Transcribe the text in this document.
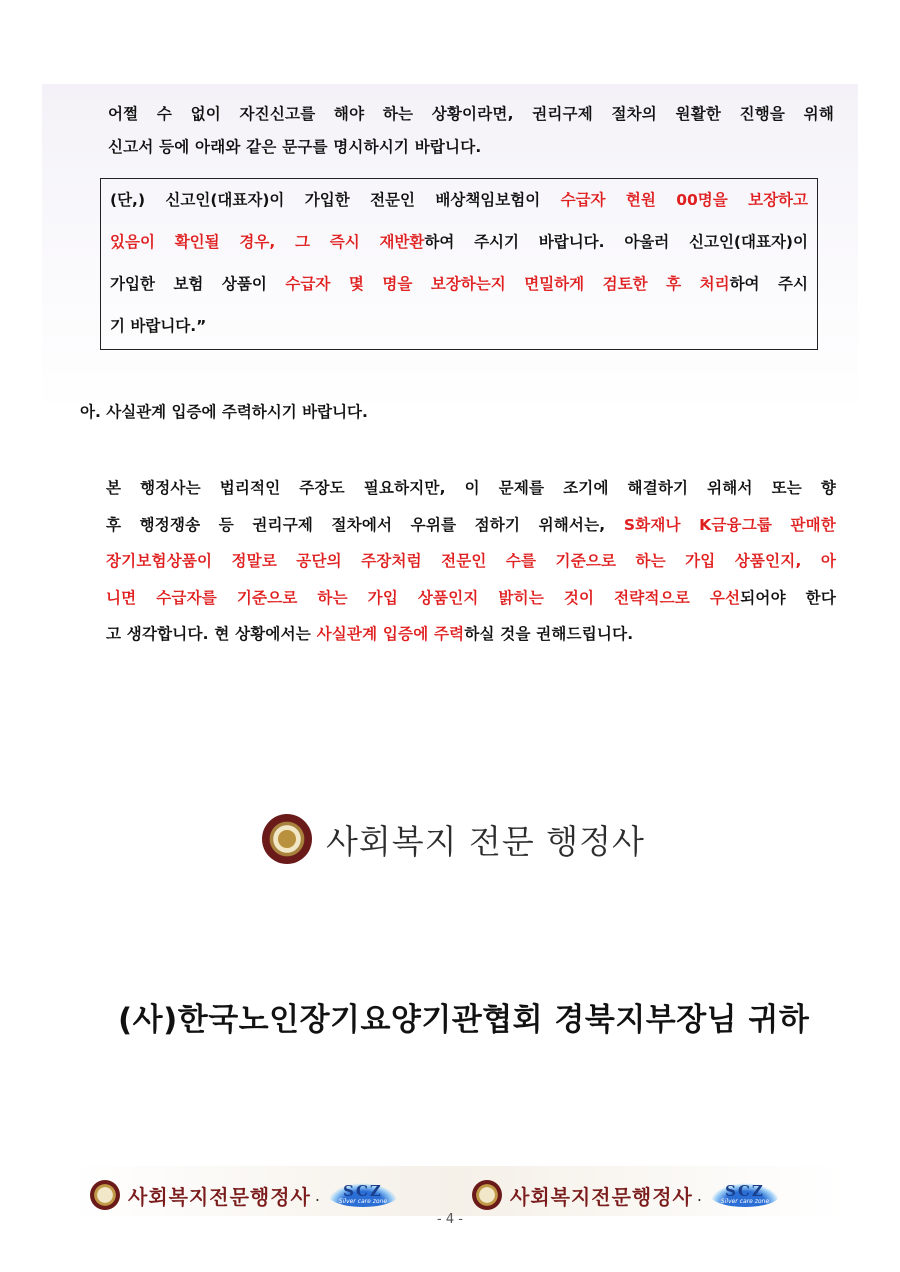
어쩔 수 없이 자진신고를 해야 하는 상황이라면, 권리구제 절차의 원활한 진행을 위해
신고서 등에 아래와 같은 문구를 명시하시기 바랍니다.
(단,) 신고인(대표자)이 가입한 전문인 배상책임보험이 수급자 현원 00명을 보장하고
있음이 확인될 경우, 그 즉시 재반환하여 주시기 바랍니다. 아울러 신고인(대표자)이
가입한 보험 상품이 수급자 몇 명을 보장하는지 면밀하게 검토한 후 처리하여 주시
기 바랍니다.”
아. 사실관계 입증에 주력하시기 바랍니다.
본 행정사는 법리적인 주장도 필요하지만, 이 문제를 조기에 해결하기 위해서 또는 향
후 행정쟁송 등 권리구제 절차에서 우위를 점하기 위해서는, S화재나 K금융그룹 판매한
장기보험상품이 정말로 공단의 주장처럼 전문인 수를 기준으로 하는 가입 상품인지, 아
니면 수급자를 기준으로 하는 가입 상품인지 밝히는 것이 전략적으로 우선되어야 한다
고 생각합니다. 현 상황에서는 사실관계 입증에 주력하실 것을 권해드립니다.
사회복지 전문 행정사
(사)한국노인장기요양기관협회 경북지부장님 귀하
사회복지전문행정사 . SCZ
Silver care zone	사회복지전문행정사 . SCZ
Silver care zone
- 4 -
